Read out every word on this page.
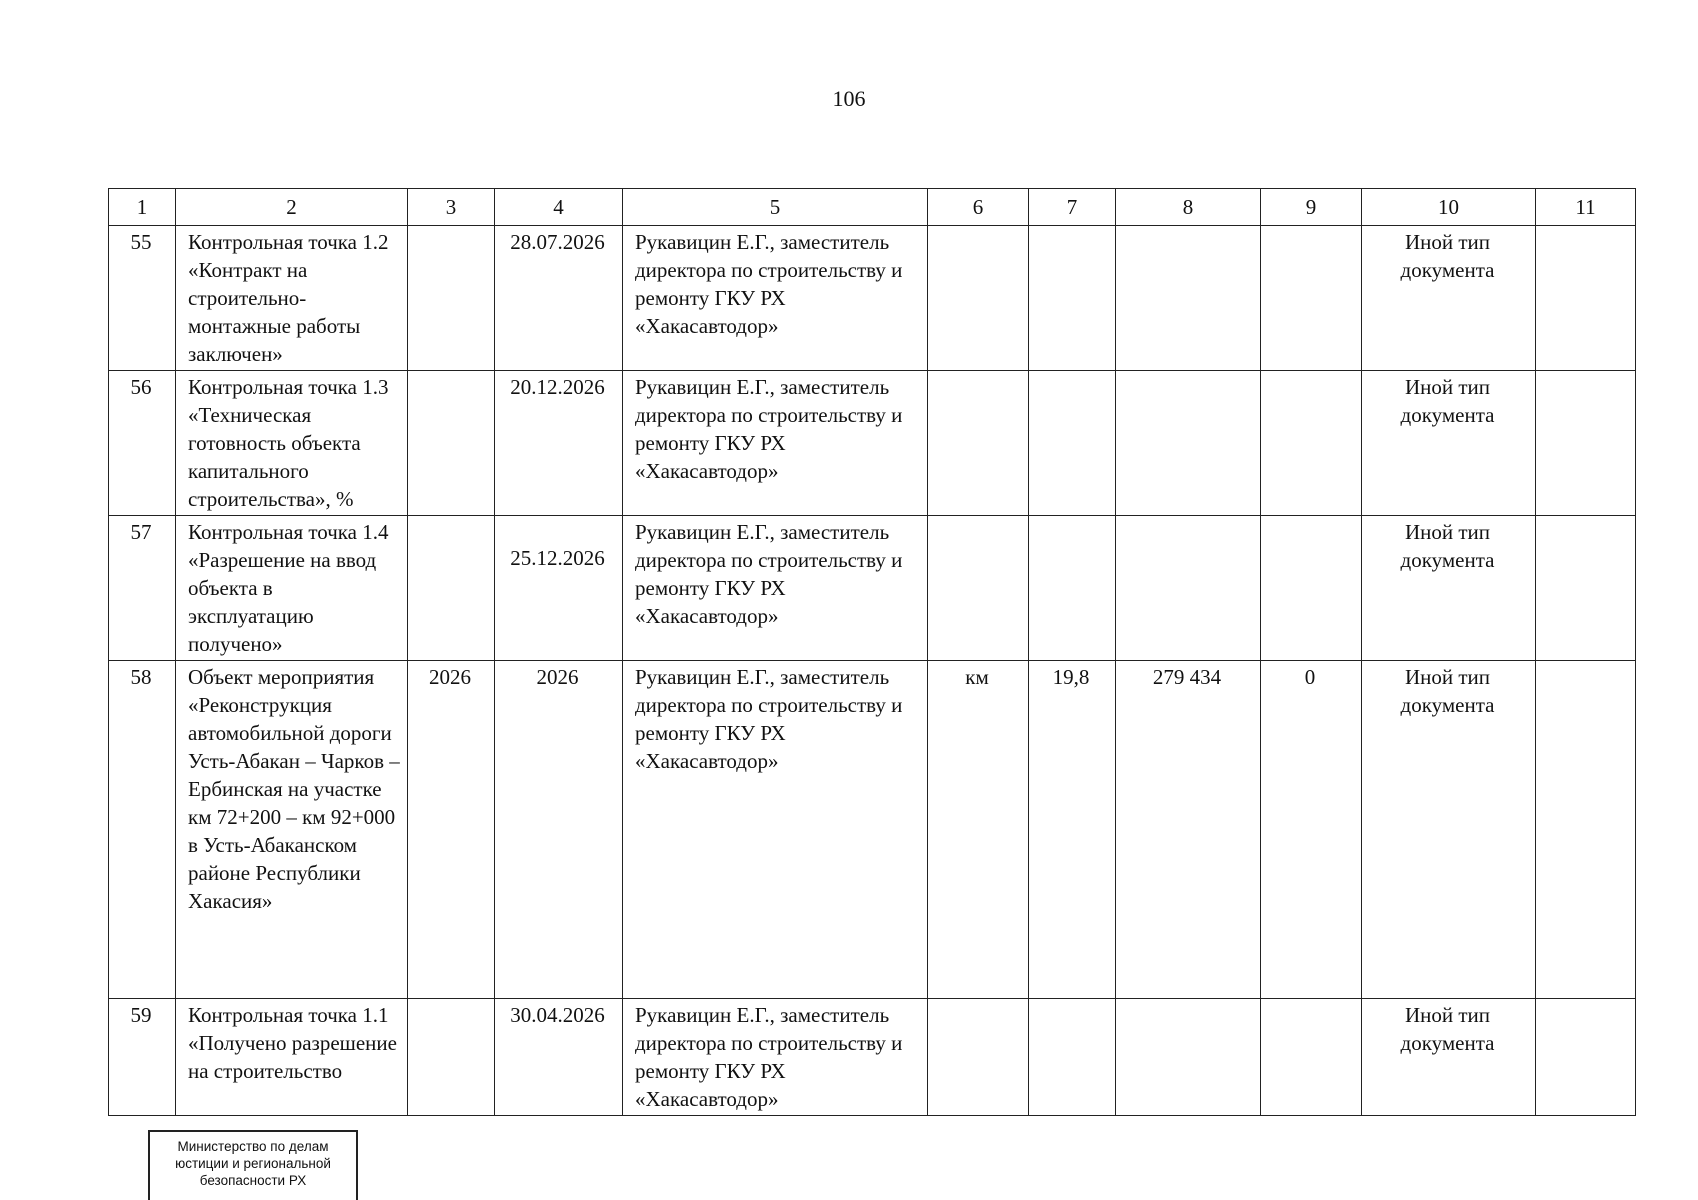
106
1	2	3	4	5	6	7	8	9	10	11
55	Контрольная точка 1.2 «Контракт на строительно-монтажные работы заключен»		28.07.2026	Рукавицин Е.Г., заместитель директора по строительству и ремонту ГКУ РХ «Хакасавтодор»					Иной тип документа	
56	Контрольная точка 1.3 «Техническая готовность объекта капитального строительства», %		20.12.2026	Рукавицин Е.Г., заместитель директора по строительству и ремонту ГКУ РХ «Хакасавтодор»					Иной тип документа	
57	Контрольная точка 1.4 «Разрешение на ввод объекта в эксплуатацию получено»		25.12.2026	Рукавицин Е.Г., заместитель директора по строительству и ремонту ГКУ РХ «Хакасавтодор»					Иной тип документа	
58	Объект мероприятия «Реконструкция автомобильной дороги Усть-Абакан – Чарков – Ербинская на участке км 72+200 – км 92+000 в Усть-Абаканском районе Республики Хакасия»	2026	2026	Рукавицин Е.Г., заместитель директора по строительству и ремонту ГКУ РХ «Хакасавтодор»	км	19,8	279 434	0	Иной тип документа	
59	Контрольная точка 1.1 «Получено разрешение на строительство		30.04.2026	Рукавицин Е.Г., заместитель директора по строительству и ремонту ГКУ РХ «Хакасавтодор»					Иной тип документа	
Министерство по делам
юстиции и региональной
безопасности РХ
